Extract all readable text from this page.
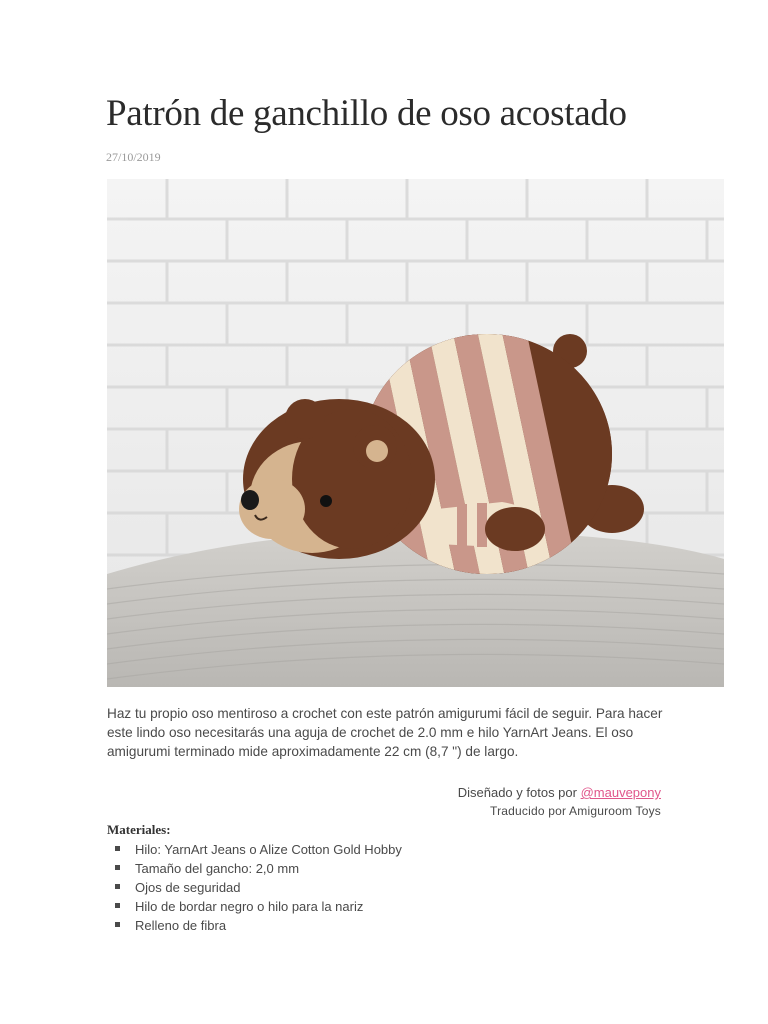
Patrón de ganchillo de oso acostado
27/10/2019

Haz tu propio oso mentiroso a crochet con este patrón amigurumi fácil de seguir. Para hacer este lindo oso necesitarás una aguja de crochet de 2.0 mm e hilo YarnArt Jeans. El oso amigurumi terminado mide aproximadamente 22 cm (8,7 ") de largo.

Diseñado y fotos por @mauvepony
Traducido por Amiguroom Toys
Materiales:
Hilo: YarnArt Jeans o Alize Cotton Gold Hobby
Tamaño del gancho: 2,0 mm
Ojos de seguridad
Hilo de bordar negro o hilo para la nariz
Relleno de fibra
